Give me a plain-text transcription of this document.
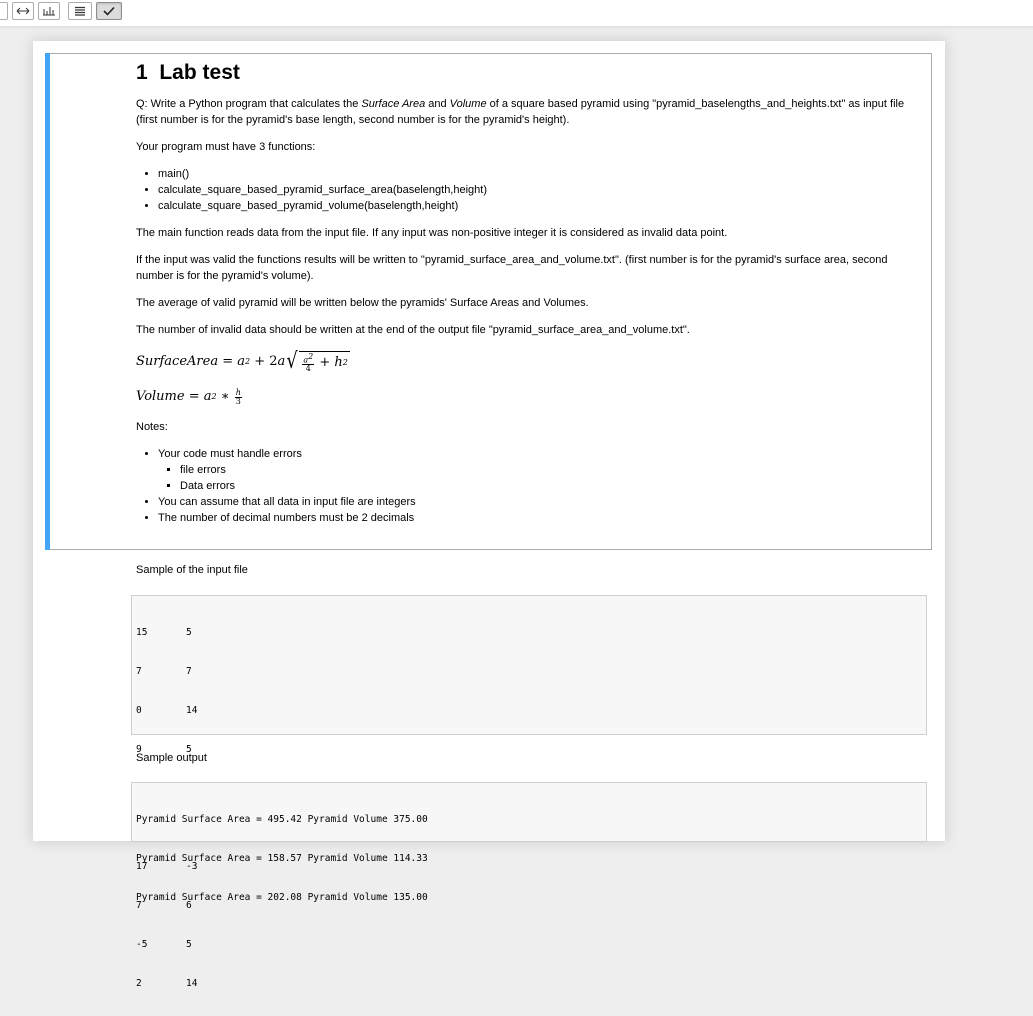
1 Lab test

Q: Write a Python program that calculates the Surface Area and Volume of a square based pyramid using "pyramid_baselengths_and_heights.txt" as input file (first number is for the pyramid's base length, second number is for the pyramid's height).

Your program must have 3 functions:

• main()
• calculate_square_based_pyramid_surface_area(baselength,height)
• calculate_square_based_pyramid_volume(baselength,height)

The main function reads data from the input file. If any input was non-positive integer it is considered as invalid data point.

If the input was valid the functions results will be written to "pyramid_surface_area_and_volume.txt". (first number is for the pyramid's surface area, second number is for the pyramid's volume).

The average of valid pyramid will be written below the pyramids' Surface Areas and Volumes.

The number of invalid data should be written at the end of the output file "pyramid_surface_area_and_volume.txt".

SurfaceArea = a 2 + 2 a √ $\frac{a^2}{4} + h$ 2
Volume = a 2 ∗ $\frac{h}{3}$

Notes:

• Your code must handle errors
▪ file errors
▪ Data errors
• You can assume that all data in input file are integers
• The number of decimal numbers must be 2 decimals
Sample of the input file

15	5

7	7

0	14

9	5

17	-3

7	6

-5	5

2	14

Sample output

Pyramid Surface Area = 495.42 Pyramid Volume 375.00

Pyramid Surface Area = 158.57 Pyramid Volume 114.33

Pyramid Surface Area = 202.08 Pyramid Volume 135.00
